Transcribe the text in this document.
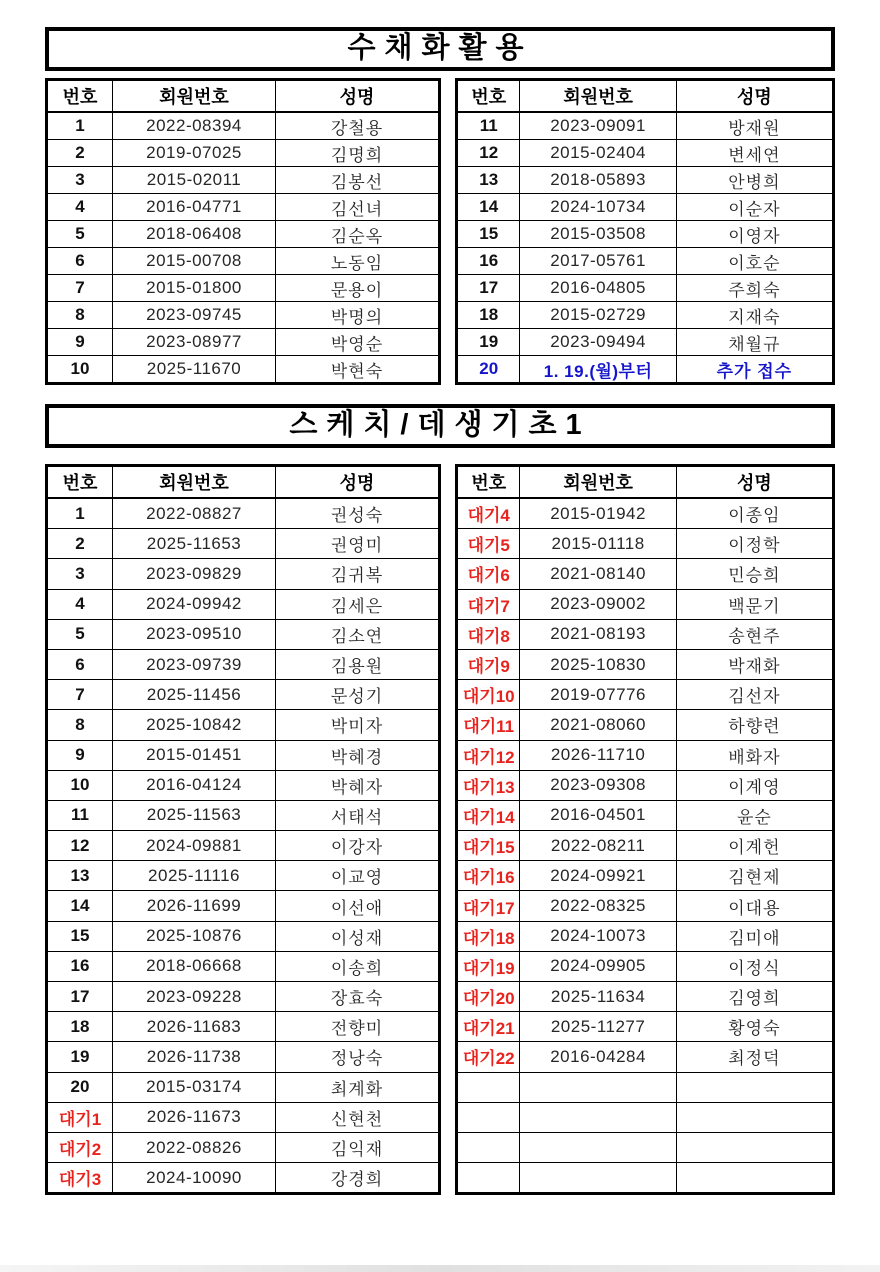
수채화활용
번호	회원번호	성명
1	2022-08394	강철용
2	2019-07025	김명희
3	2015-02011	김봉선
4	2016-04771	김선녀
5	2018-06408	김순옥
6	2015-00708	노동임
7	2015-01800	문용이
8	2023-09745	박명의
9	2023-08977	박영순
10	2025-11670	박현숙
번호	회원번호	성명
11	2023-09091	방재원
12	2015-02404	변세연
13	2018-05893	안병희
14	2024-10734	이순자
15	2015-03508	이영자
16	2017-05761	이호순
17	2016-04805	주희숙
18	2015-02729	지재숙
19	2023-09494	채월규
20	1. 19.(월)부터	추가 접수
스케치/데생기초1
번호	회원번호	성명
1	2022-08827	권성숙
2	2025-11653	권영미
3	2023-09829	김귀복
4	2024-09942	김세은
5	2023-09510	김소연
6	2023-09739	김용원
7	2025-11456	문성기
8	2025-10842	박미자
9	2015-01451	박혜경
10	2016-04124	박혜자
11	2025-11563	서태석
12	2024-09881	이강자
13	2025-11116	이교영
14	2026-11699	이선애
15	2025-10876	이성재
16	2018-06668	이송희
17	2023-09228	장효숙
18	2026-11683	전향미
19	2026-11738	정낭숙
20	2015-03174	최계화
대기1	2026-11673	신현천
대기2	2022-08826	김익재
대기3	2024-10090	강경희
번호	회원번호	성명
대기4	2015-01942	이종임
대기5	2015-01118	이정학
대기6	2021-08140	민승희
대기7	2023-09002	백문기
대기8	2021-08193	송현주
대기9	2025-10830	박재화
대기10	2019-07776	김선자
대기11	2021-08060	하향련
대기12	2026-11710	배화자
대기13	2023-09308	이계영
대기14	2016-04501	윤순
대기15	2022-08211	이계헌
대기16	2024-09921	김현제
대기17	2022-08325	이대용
대기18	2024-10073	김미애
대기19	2024-09905	이정식
대기20	2025-11634	김영희
대기21	2025-11277	황영숙
대기22	2016-04284	최정덕
